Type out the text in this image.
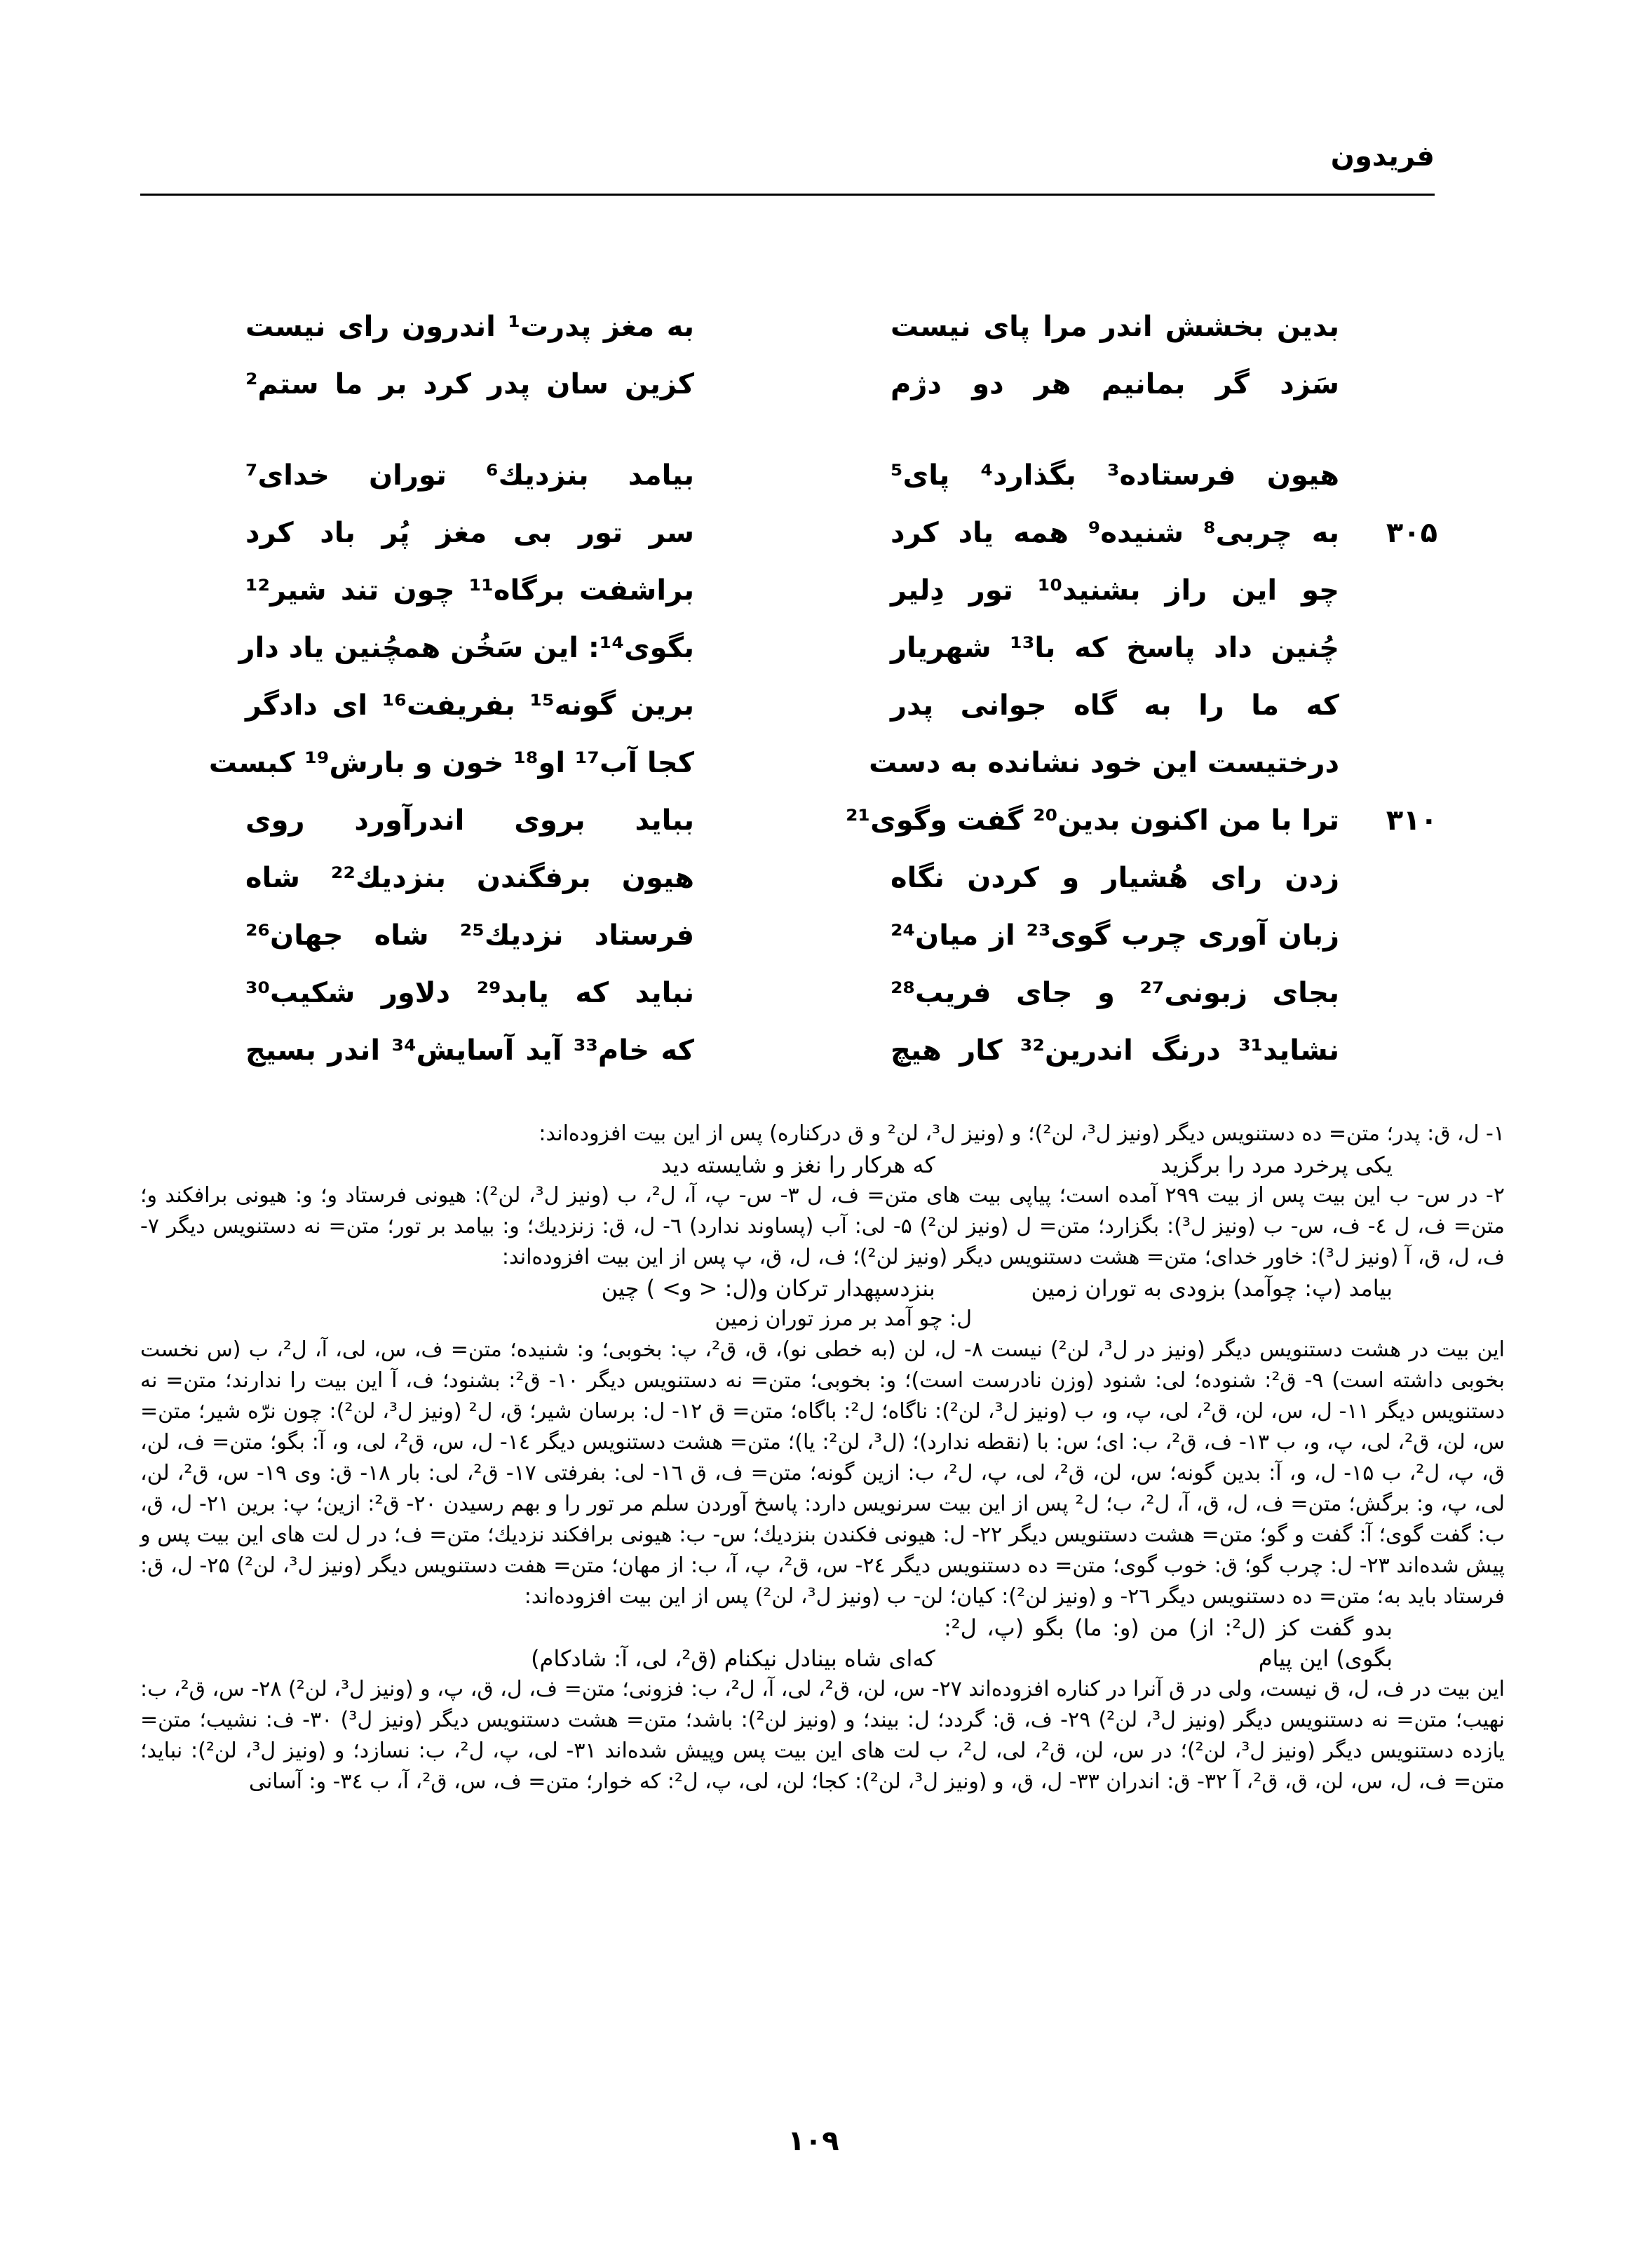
فریدون
بدین بخشش اندر مرا پای نیست
به مغز پدرت¹ اندرون رای نیست
سَزد گر بمانیم هر دو دژم
کزین سان پدر کرد بر ما ستم²
هیون فرستاده³ بگذارد⁴ پای⁵
بیامد بنزدیك⁶ توران خدای⁷
۳۰۵
به چربی⁸ شنیده⁹ همه یاد کرد
سر تور بی مغز پُر باد کرد
چو این راز بشنید¹⁰ تور دِلیر
براشفت برگاه¹¹ چون تند شیر¹²
چُنین داد پاسخ که با¹³ شهریار
بگوی¹⁴: این سَخُن همچُنین یاد دار
که ما را به گاه جوانی پدر
برین گونه¹⁵ بفریفت¹⁶ ای دادگر
درختیست این خود نشانده به دست
کجا آب¹⁷ او¹⁸ خون و بارش¹⁹ کبست
۳۱۰
ترا با من اکنون بدین²⁰ گفت وگوی²¹
بباید بروی اندرآورد روی
زدن رای هُشیار و کردن نگاه
هیون برفگندن بنزدیك²² شاه
زبان آوری چرب گوی²³ از میان²⁴
فرستاد نزدیك²⁵ شاه جهان²⁶
بجای زبونی²⁷ و جای فریب²⁸
نباید که یابد²⁹ دلاور شکیب³⁰
نشاید³¹ درنگ اندرین³² کار هیچ
که خام³³ آید آسایش³⁴ اندر بسیج

۱- ل، ق: پدر؛ متن= ده دستنویس دیگر (ونیز ل³، لن²)؛ و (ونیز ل³، لن² و ق درکناره) پس از این بیت افزوده‌اند:

یکی پرخرد مرد را برگزید که هرکار را نغز و شایسته دید

۲- در س- ب این بیت پس از بیت ۲۹۹ آمده است؛ پیاپی بیت های متن= ف، ل ۳- س- پ، آ، ل²، ب (ونیز ل³، لن²): هیونی فرستاد و؛ و: هیونی برافکند و؛ متن= ف، ل ٤- ف، س- ب (ونیز ل³): بگزارد؛ متن= ل (ونیز لن²) ۵- لی: آب (پساوند ندارد) ٦- ل، ق: زنزدیك؛ و: بیامد بر تور؛ متن= نه دستنویس دیگر ۷- ف، ل، ق، آ (ونیز ل³): خاور خدای؛ متن= هشت دستنویس دیگر (ونیز لن²)؛ ف، ل، ق، پ پس از این بیت افزوده‌اند:

بیامد (پ: چوآمد) بزودی به توران زمین بنزدسپهدار ترکان و(ل: < و> ) چین

ل: چو آمد بر مرز توران زمین

این بیت در هشت دستنویس دیگر (ونیز در ل³، لن²) نیست ۸- ل، لن (به خطی نو)، ق، ق²، پ: بخوبی؛ و: شنیده؛ متن= ف، س، لی، آ، ل²، ب (س نخست بخوبی داشته است) ۹- ق²: شنوده؛ لی: شنود (وزن نادرست است)؛ و: بخوبی؛ متن= نه دستنویس دیگر ۱۰- ق²: بشنود؛ ف، آ این بیت را ندارند؛ متن= نه دستنویس دیگر ۱۱- ل، س، لن، ق²، لی، پ، و، ب (ونیز ل³، لن²): ناگاه؛ ل²: باگاه؛ متن= ق ۱۲- ل: برسان شیر؛ ق، ل² (ونیز ل³، لن²): چون نرّه شیر؛ متن= س، لن، ق²، لی، پ، و، ب ۱۳- ف، ق²، ب: ای؛ س: با (نقطه ندارد)؛ (ل³، لن²: یا)؛ متن= هشت دستنویس دیگر ۱٤- ل، س، ق²، لی، و، آ: بگو؛ متن= ف، لن، ق، پ، ل²، ب ۱۵- ل، و، آ: بدین گونه؛ س، لن، ق²، لی، پ، ل²، ب: ازین گونه؛ متن= ف، ق ۱٦- لی: بفرفتی ۱۷- ق²، لی: بار ۱۸- ق: وی ۱۹- س، ق²، لن، لی، پ، و: برگش؛ متن= ف، ل، ق، آ، ل²، ب؛ ل² پس از این بیت سرنویس دارد: پاسخ آوردن سلم مر تور را و بهم رسیدن ۲۰- ق²: ازین؛ پ: برین ۲۱- ل، ق، ب: گفت گوی؛ آ: گفت و گو؛ متن= هشت دستنویس دیگر ۲۲- ل: هیونی فکندن بنزدیك؛ س- ب: هیونی برافکند نزدیك؛ متن= ف؛ در ل لت های این بیت پس و پیش شده‌اند ۲۳- ل: چرب گو؛ ق: خوب گوی؛ متن= ده دستنویس دیگر ۲٤- س، ق²، پ، آ، ب: از مهان؛ متن= هفت دستنویس دیگر (ونیز ل³، لن²) ۲۵- ل، ق: فرستاد باید به؛ متن= ده دستنویس دیگر ۲٦- و (ونیز لن²): کیان؛ لن- ب (ونیز ل³، لن²) پس از این بیت افزوده‌اند:

بدو گفت کز (ل²: از) من (و: ما) بگو (پ، ل²: بگوی) این پیام که‌ای شاه بینادل نیکنام (ق²، لی، آ: شادکام)

این بیت در ف، ل، ق نیست، ولی در ق آنرا در کناره افزوده‌اند ۲۷- س، لن، ق²، لی، آ، ل²، ب: فزونی؛ متن= ف، ل، ق، پ، و (ونیز ل³، لن²) ۲۸- س، ق²، ب: نهیب؛ متن= نه دستنویس دیگر (ونیز ل³، لن²) ۲۹- ف، ق: گردد؛ ل: بیند؛ و (ونیز لن²): باشد؛ متن= هشت دستنویس دیگر (ونیز ل³) ۳۰- ف: نشیب؛ متن= یازده دستنویس دیگر (ونیز ل³، لن²)؛ در س، لن، ق²، لی، ل²، ب لت های این بیت پس وپیش شده‌اند ۳۱- لی، پ، ل²، ب: نسازد؛ و (ونیز ل³، لن²): نباید؛ متن= ف، ل، س، لن، ق، ق²، آ ۳۲- ق: اندران ۳۳- ل، ق، و (ونیز ل³، لن²): کجا؛ لن، لی، پ، ل²: که خوار؛ متن= ف، س، ق²، آ، ب ۳٤- و: آسانی

۱۰۹
